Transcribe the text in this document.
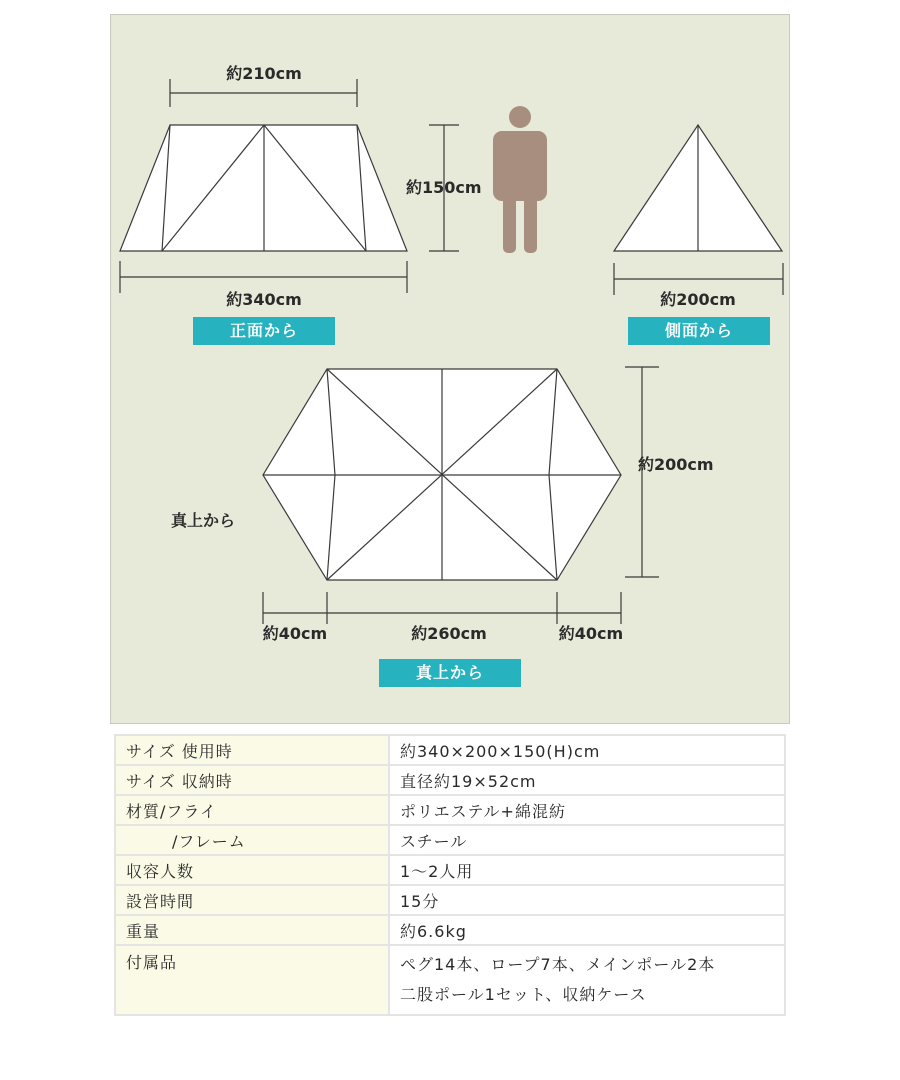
約210cm
約150cm
約340cm
正面から
約200cm
側面から
約200cm
真上から
約40cm	約260cm	約40cm
真上から
サイズ 使用時	約340×200×150(H)cm
サイズ 収納時	直径約19×52cm
材質/フライ	ポリエステル+綿混紡
/フレーム	スチール
収容人数	1～2人用
設営時間	15分
重量	約6.6kg
付属品	ペグ14本、ロープ7本、メインポール2本
二股ポール1セット、収納ケース
